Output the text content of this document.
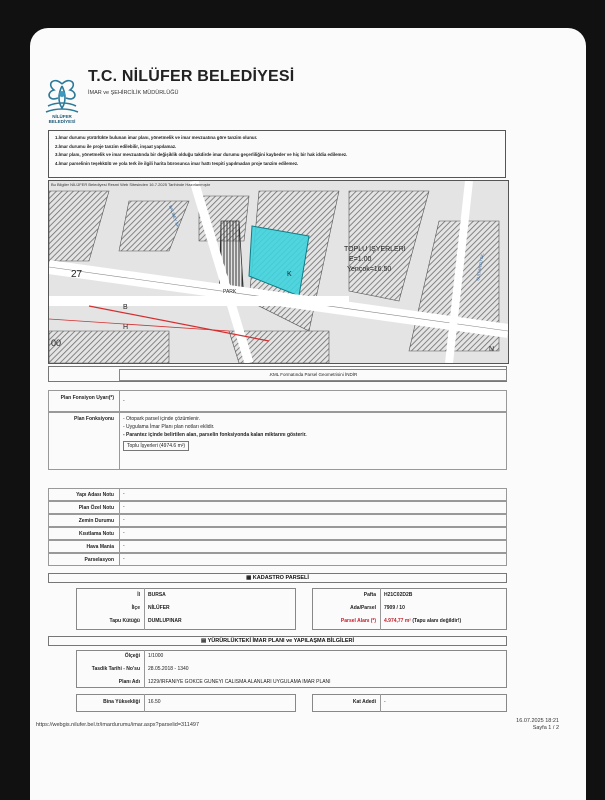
NİLÜFER
BELEDİYESİ
T.C. NİLÜFER BELEDİYESİ
İMAR ve ŞEHİRCİLİK MÜDÜRLÜĞÜ
1.İmar durumu yürürlükte bulunan imar planı, yönetmelik ve imar mevzuatına göre tanzim olunur.
2.İmar durumu ile proje tanzim edilebilir, inşaat yapılamaz.
3.İmar planı, yönetmelik ve imar mevzuatında bir değişiklik olduğu takdirde imar durumu geçerliliğini kaybeder ve hiç bir hak iddia edilemez.
4.İmar parselinin teşekkülü ve yola terk ile ilgili harita bürosunca imar hattı tespiti yapılmadan proje tanzim edilemez.
Bu Bilgiler NİLÜFER Belediyesi Resmi Web Sitesinden 16.7.2025 Tarihinde Hazırlanmıştır
TOPLU İŞYERLERİ
E=1.00
Yençok=16.50
27	K
PARK
B
H
00
N
BALIBEY SK.
SULTANSU SK.
.KML Formatında Parsel Geometrisini İNDİR
Plan Fonsiyon Uyarı(*)	-
Plan Fonksiyonu	- Otopark parsel içinde çözümlenir.
- Uygulama İmar Planı plan notları eklidir.
- Parantez içinde belirtilen alan, parselin fonksiyonda kalan miktarını gösterir.
Toplu İşyerleri (4974.6 m²)
Yapı Adası Notu	-
Plan Özel Notu	-
Zemin Durumu	-
Kısıtlama Notu	-
Hava Mania	-
Parselasyon	-
▦ KADASTRO PARSELİ
İl BURSA
İlçe NİLÜFER
Tapu Kütüğü DUMLUPINAR
Pafta H21C02D2B
Ada/Parsel 7909 / 10
Parsel Alanı (*) 4.974,77 m² (Tapu alanı değildir!)
▤ YÜRÜRLÜKTEKİ İMAR PLANI ve YAPILAŞMA BİLGİLERİ
Ölçeği 1/1000
Tasdik Tarihi - No'su 28.05.2018 - 1340
Planı Adı 1229/IRFANIYE GOKCE GUNEYI CALISMA ALANLARI UYGULAMA IMAR PLANI
Bina Yüksekliği 16.50	Kat Adedi -
https://webgis.nilufer.bel.tr/imardurumu/imar.aspx?parselid=311497
16.07.2025 18:21
Sayfa 1 / 2
